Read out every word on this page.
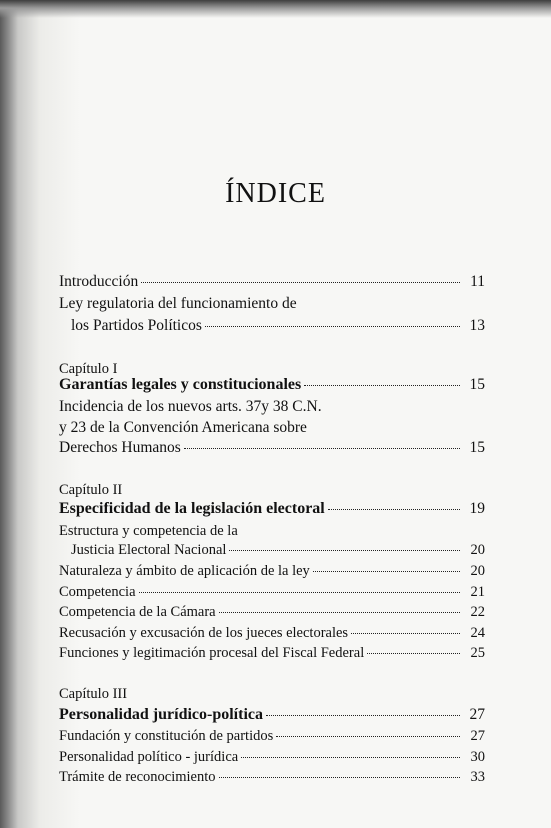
ÍNDICE
Introducción	11
Ley regulatoria del funcionamiento de
los Partidos Políticos	13
Capítulo I
Garantías legales y constitucionales	15
Incidencia de los nuevos arts. 37y 38 C.N.
y 23 de la Convención Americana sobre
Derechos Humanos	15
Capítulo II
Especificidad de la legislación electoral	19
Estructura y competencia de la
Justicia Electoral Nacional	20
Naturaleza y ámbito de aplicación de la ley	20
Competencia	21
Competencia de la Cámara	22
Recusación y excusación de los jueces electorales	24
Funciones y legitimación procesal del Fiscal Federal	25
Capítulo III
Personalidad jurídico-política	27
Fundación y constitución de partidos	27
Personalidad político - jurídica	30
Trámite de reconocimiento	33
